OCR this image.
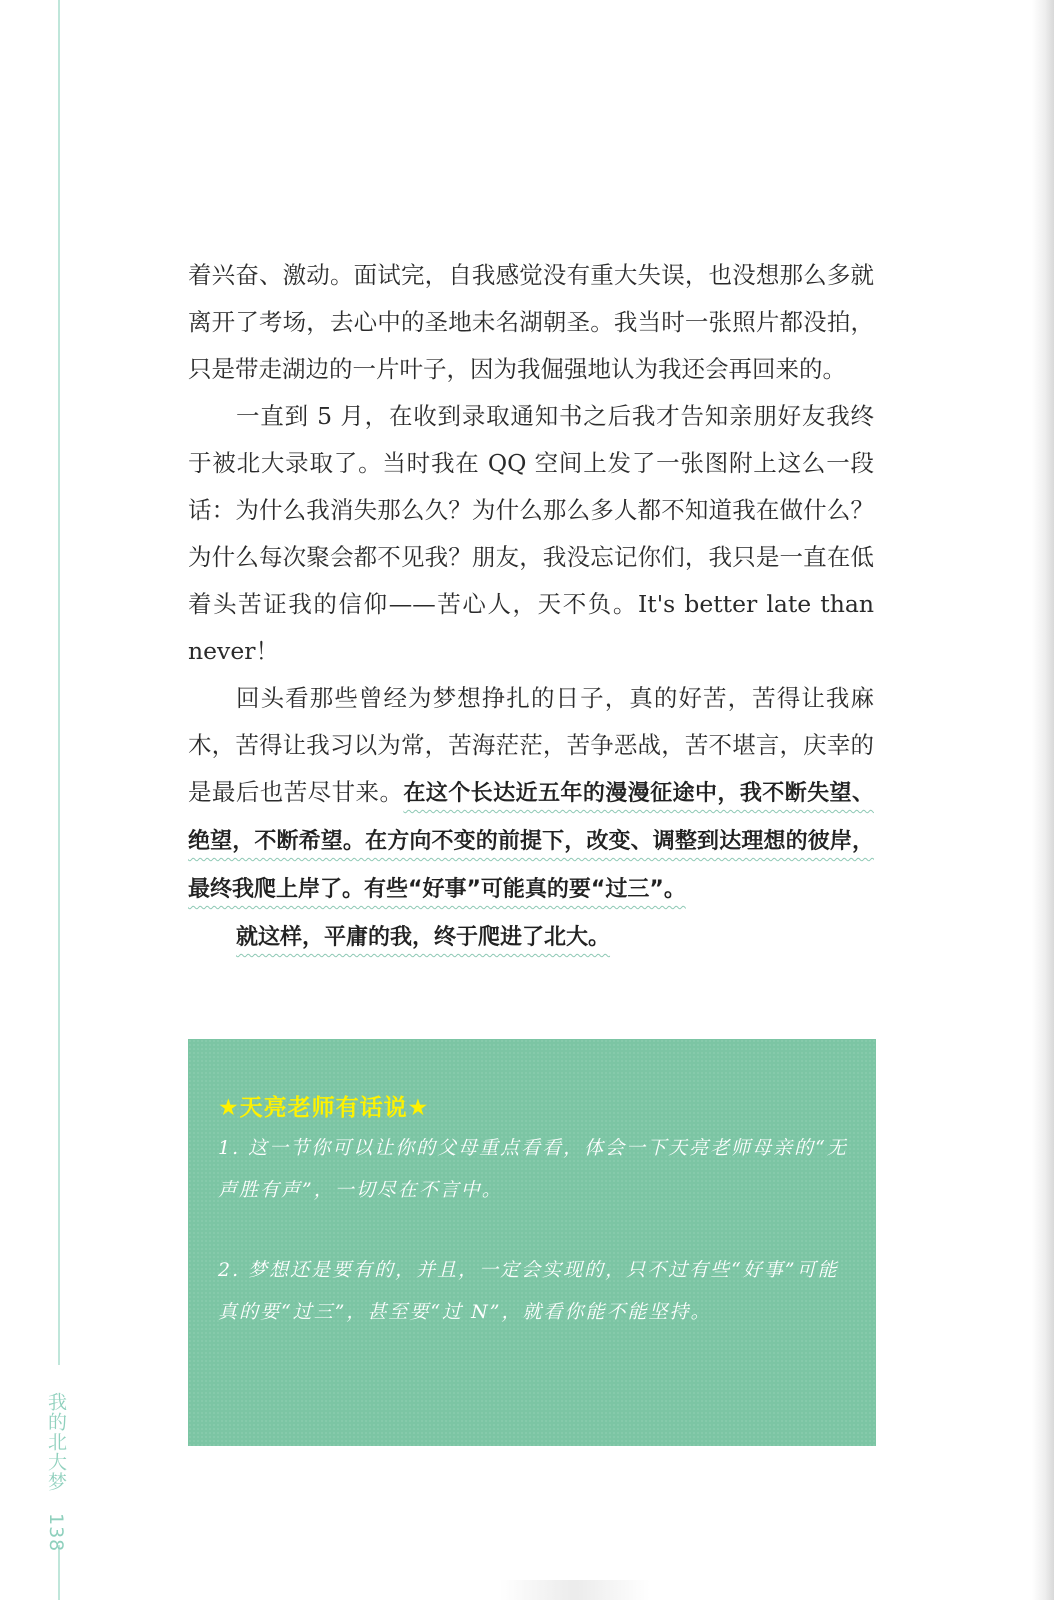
我的北大梦 138

着兴奋、激动。面试完，自我感觉没有重大失误，也没想那么多就离开了考场，去心中的圣地未名湖朝圣。我当时一张照片都没拍，只是带走湖边的一片叶子，因为我倔强地认为我还会再回来的。

一直到 5 月，在收到录取通知书之后我才告知亲朋好友我终于被北大录取了。当时我在 QQ 空间上发了一张图附上这么一段话：为什么我消失那么久？为什么那么多人都不知道我在做什么？为什么每次聚会都不见我？朋友，我没忘记你们，我只是一直在低着头苦证我的信仰——苦心人，天不负。It's better late than never！

回头看那些曾经为梦想挣扎的日子，真的好苦，苦得让我麻木，苦得让我习以为常，苦海茫茫，苦争恶战，苦不堪言，庆幸的是最后也苦尽甘来。在这个长达近五年的漫漫征途中，我不断失望、绝望，不断希望。在方向不变的前提下，改变、调整到达理想的彼岸，最终我爬上岸了。有些“好事”可能真的要“过三”。

就这样，平庸的我，终于爬进了北大。

★天亮老师有话说★
1. 这一节你可以让你的父母重点看看，体会一下天亮老师母亲的“无声胜有声”，一切尽在不言中。
2. 梦想还是要有的，并且，一定会实现的，只不过有些“好事”可能真的要“过三”，甚至要“过 N”，就看你能不能坚持。
